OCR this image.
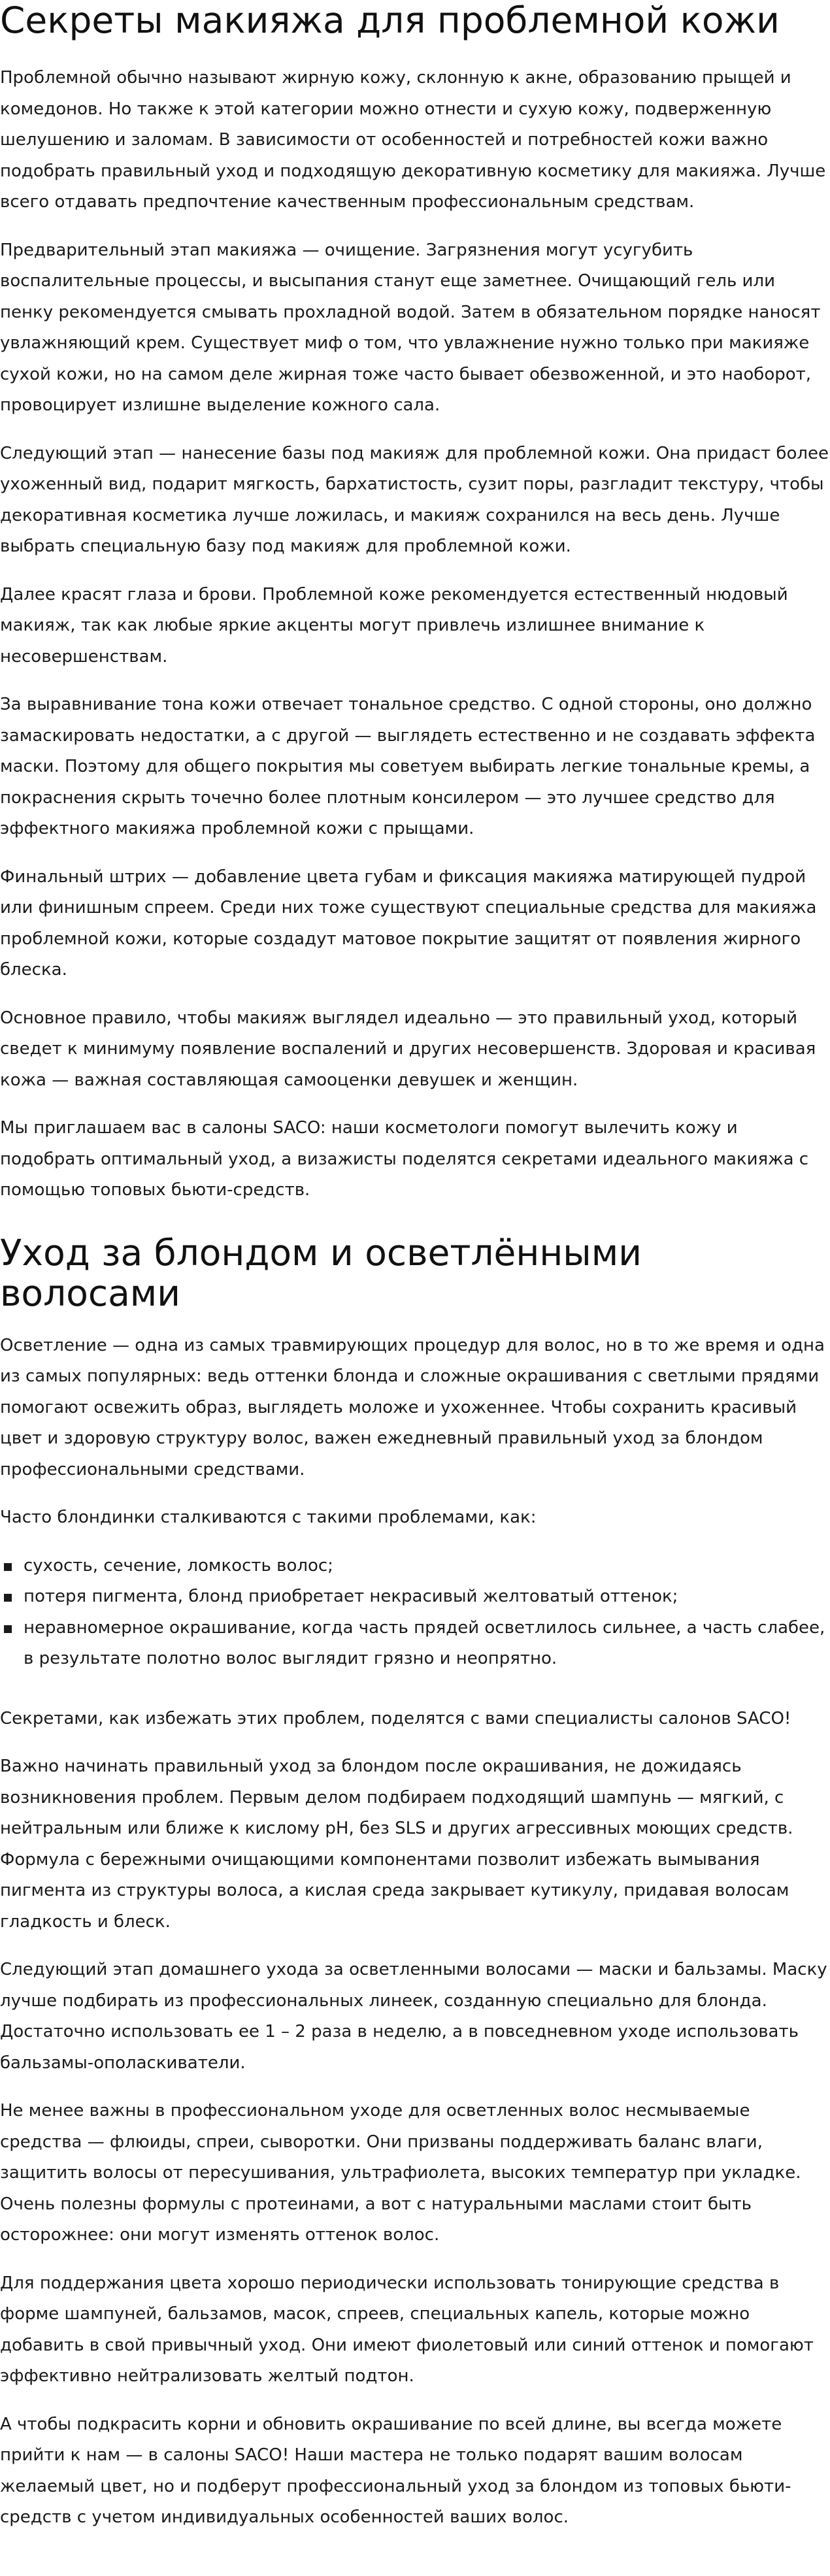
Секреты макияжа для проблемной кожи

Проблемной обычно называют жирную кожу, склонную к акне, образованию прыщей и комедонов. Но также к этой категории можно отнести и сухую кожу, подверженную шелушению и заломам. В зависимости от особенностей и потребностей кожи важно подобрать правильный уход и подходящую декоративную косметику для макияжа. Лучше всего отдавать предпочтение качественным профессиональным средствам.

Предварительный этап макияжа — очищение. Загрязнения могут усугубить воспалительные процессы, и высыпания станут еще заметнее. Очищающий гель или пенку рекомендуется смывать прохладной водой. Затем в обязательном порядке наносят увлажняющий крем. Существует миф о том, что увлажнение нужно только при макияже сухой кожи, но на самом деле жирная тоже часто бывает обезвоженной, и это наоборот, провоцирует излишне выделение кожного сала.

Следующий этап — нанесение базы под макияж для проблемной кожи. Она придаст более ухоженный вид, подарит мягкость, бархатистость, сузит поры, разгладит текстуру, чтобы декоративная косметика лучше ложилась, и макияж сохранился на весь день. Лучше выбрать специальную базу под макияж для проблемной кожи.

Далее красят глаза и брови. Проблемной коже рекомендуется естественный нюдовый макияж, так как любые яркие акценты могут привлечь излишнее внимание к несовершенствам.

За выравнивание тона кожи отвечает тональное средство. С одной стороны, оно должно замаскировать недостатки, а с другой — выглядеть естественно и не создавать эффекта маски. Поэтому для общего покрытия мы советуем выбирать легкие тональные кремы, а покраснения скрыть точечно более плотным консилером — это лучшее средство для эффектного макияжа проблемной кожи с прыщами.

Финальный штрих — добавление цвета губам и фиксация макияжа матирующей пудрой или финишным спреем. Среди них тоже существуют специальные средства для макияжа проблемной кожи, которые создадут матовое покрытие защитят от появления жирного блеска.

Основное правило, чтобы макияж выглядел идеально — это правильный уход, который сведет к минимуму появление воспалений и других несовершенств. Здоровая и красивая кожа — важная составляющая самооценки девушек и женщин.

Мы приглашаем вас в салоны SACO: наши косметологи помогут вылечить кожу и подобрать оптимальный уход, а визажисты поделятся секретами идеального макияжа с помощью топовых бьюти-средств.

Уход за блондом и осветлёнными волосами

Осветление — одна из самых травмирующих процедур для волос, но в то же время и одна из самых популярных: ведь оттенки блонда и сложные окрашивания с светлыми прядями помогают освежить образ, выглядеть моложе и ухоженнее. Чтобы сохранить красивый цвет и здоровую структуру волос, важен ежедневный правильный уход за блондом профессиональными средствами.

Часто блондинки сталкиваются с такими проблемами, как:

сухость, сечение, ломкость волос;
потеря пигмента, блонд приобретает некрасивый желтоватый оттенок;
неравномерное окрашивание, когда часть прядей осветлилось сильнее, а часть слабее, в результате полотно волос выглядит грязно и неопрятно.

Секретами, как избежать этих проблем, поделятся с вами специалисты салонов SACO!

Важно начинать правильный уход за блондом после окрашивания, не дожидаясь возникновения проблем. Первым делом подбираем подходящий шампунь — мягкий, с нейтральным или ближе к кислому pH, без SLS и других агрессивных моющих средств. Формула с бережными очищающими компонентами позволит избежать вымывания пигмента из структуры волоса, а кислая среда закрывает кутикулу, придавая волосам гладкость и блеск.

Следующий этап домашнего ухода за осветленными волосами — маски и бальзамы. Маску лучше подбирать из профессиональных линеек, созданную специально для блонда. Достаточно использовать ее 1 – 2 раза в неделю, а в повседневном уходе использовать бальзамы-ополаскиватели.

Не менее важны в профессиональном уходе для осветленных волос несмываемые средства — флюиды, спреи, сыворотки. Они призваны поддерживать баланс влаги, защитить волосы от пересушивания, ультрафиолета, высоких температур при укладке. Очень полезны формулы с протеинами, а вот с натуральными маслами стоит быть осторожнее: они могут изменять оттенок волос.

Для поддержания цвета хорошо периодически использовать тонирующие средства в форме шампуней, бальзамов, масок, спреев, специальных капель, которые можно добавить в свой привычный уход. Они имеют фиолетовый или синий оттенок и помогают эффективно нейтрализовать желтый подтон.

А чтобы подкрасить корни и обновить окрашивание по всей длине, вы всегда можете прийти к нам — в салоны SACO! Наши мастера не только подарят вашим волосам желаемый цвет, но и подберут профессиональный уход за блондом из топовых бьюти-средств с учетом индивидуальных особенностей ваших волос.
